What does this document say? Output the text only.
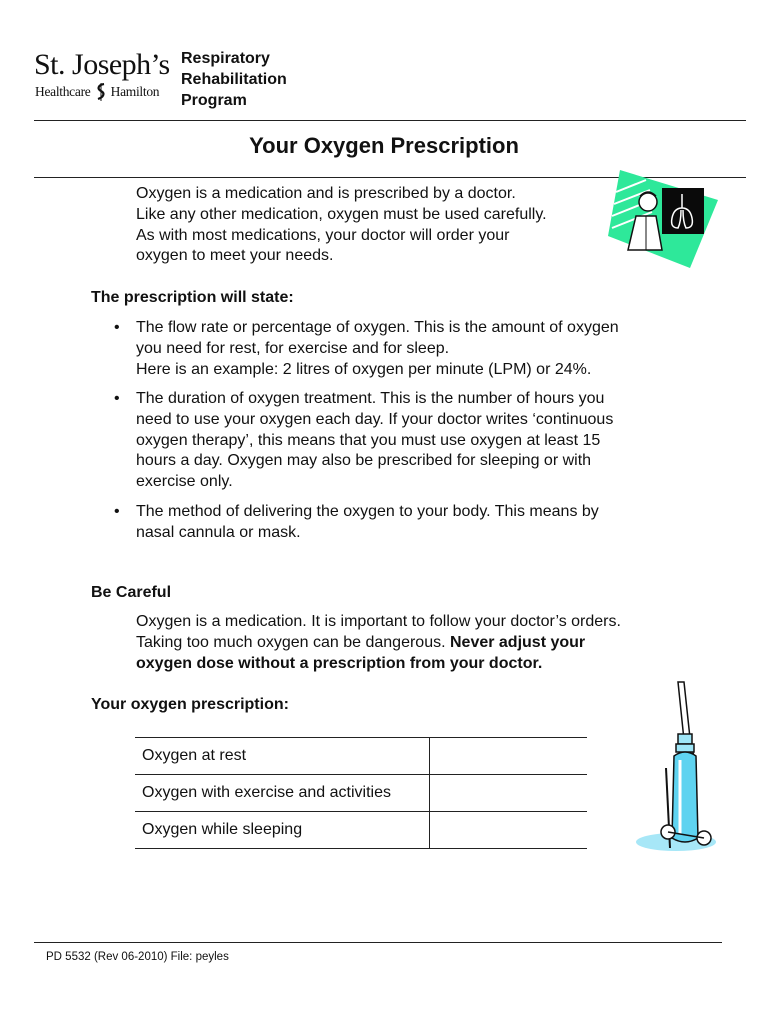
St. Joseph’s
Healthcare Hamilton
Respiratory
Rehabilitation
Program
Your Oxygen Prescription
Oxygen is a medication and is prescribed by a doctor.
Like any other medication, oxygen must be used carefully.
As with most medications, your doctor will order your
oxygen to meet your needs.
The prescription will state:
• The flow rate or percentage of oxygen. This is the amount of oxygen
you need for rest, for exercise and for sleep.
Here is an example: 2 litres of oxygen per minute (LPM) or 24%.
• The duration of oxygen treatment. This is the number of hours you
need to use your oxygen each day. If your doctor writes ‘continuous
oxygen therapy’, this means that you must use oxygen at least 15
hours a day. Oxygen may also be prescribed for sleeping or with
exercise only.
• The method of delivering the oxygen to your body. This means by
nasal cannula or mask.
Be Careful
Oxygen is a medication. It is important to follow your doctor’s orders.
Taking too much oxygen can be dangerous. Never adjust your
oxygen dose without a prescription from your doctor.
Your oxygen prescription:
Oxygen at rest	
Oxygen with exercise and activities	
Oxygen while sleeping	
PD 5532 (Rev 06-2010) File: peyles
